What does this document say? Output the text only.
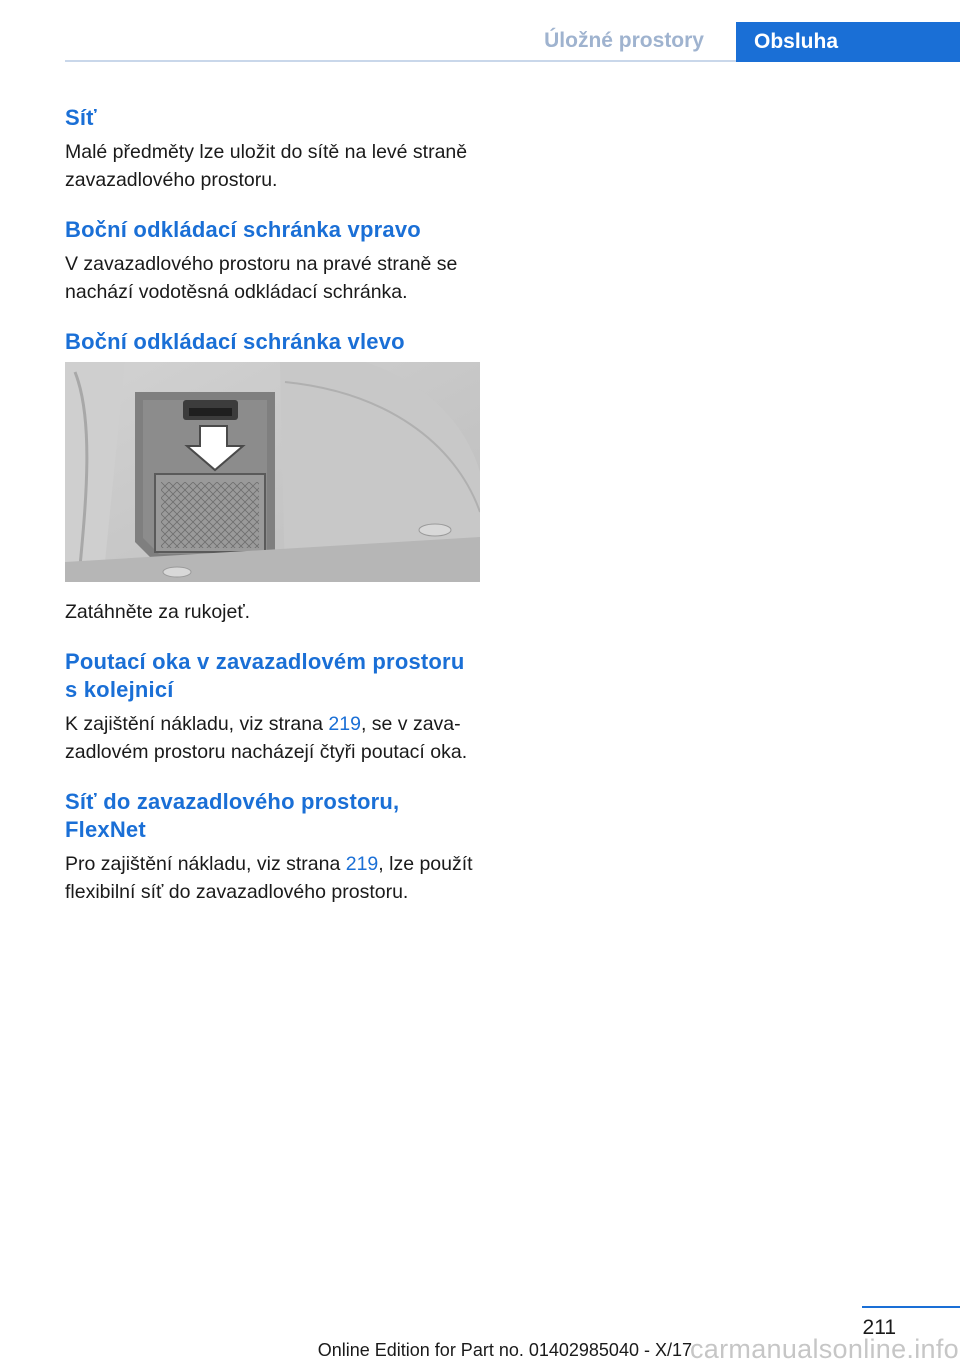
Úložné prostory	Obsluha
Síť

Malé předměty lze uložit do sítě na levé straně zavazadlového prostoru.

Boční odkládací schránka vpravo

V zavazadlového prostoru na pravé straně se nachází vodotěsná odkládací schránka.

Boční odkládací schránka vlevo

Zatáhněte za rukojeť.

Poutací oka v zavazadlovém prostoru s kolejnicí

K zajištění nákladu, viz strana 219, se v zava-zadlovém prostoru nacházejí čtyři poutací oka.

Síť do zavazadlového prostoru, FlexNet

Pro zajištění nákladu, viz strana 219, lze použít flexibilní síť do zavazadlového prostoru.

211
Online Edition for Part no. 01402985040 - X/17
carmanualsonline.info
